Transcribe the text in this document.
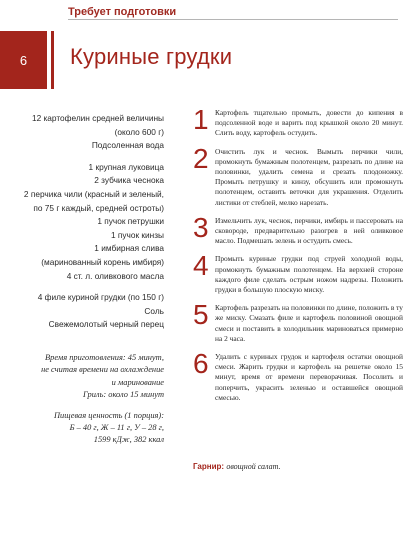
Требует подготовки
6 Куриные грудки
12 картофелин средней величины
(около 600 г)
Подсоленная вода
1 крупная луковица
2 зубчика чеснока
2 перчика чили (красный и зеленый,
по 75 г каждый, средней остроты)
1 пучок петрушки
1 пучок кинзы
1 имбирная слива
(маринованный корень имбиря)
4 ст. л. оливкового масла
4 филе куриной грудки (по 150 г)
Соль
Свежемолотый черный перец
Время приготовления: 45 минут,
не считая времени на охлаждение
и маринование
Гриль: около 15 минут
Пищевая ценность (1 порция):
Б – 40 г, Ж – 11 г, У – 28 г,
1599 кДж, 382 ккал
1 Картофель тщательно промыть, довести до кипения в подсоленной воде и варить под крышкой около 20 минут. Слить воду, картофель остудить.
2 Очистить лук и чеснок. Вымыть перчики чили, промокнуть бумажным полотенцем, разрезать по длине на половинки, удалить семена и срезать плодоножку. Промыть петрушку и кинзу, обсушить или промокнуть полотенцем, оставить веточки для украшения. Отделить листики от стеблей, мелко нарезать.
3 Измельчить лук, чеснок, перчики, имбирь и пассеровать на сковороде, предварительно разогрев в ней оливковое масло. Подмешать зелень и остудить смесь.
4 Промыть куриные грудки под струей холодной воды, промокнуть бумажным полотенцем. На верхней стороне каждого филе сделать острым ножом надрезы. Положить грудки в большую плоскую миску.
5 Картофель разрезать на половинки по длине, положить в ту же миску. Смазать филе и картофель половиной овощной смеси и поставить в холодильник мариноваться примерно на 2 часа.
6 Удалить с куриных грудок и картофеля остатки овощной смеси. Жарить грудки и картофель на решетке около 15 минут, время от времени переворачивая. Посолить и поперчить, украсить зеленью и оставшейся овощной смесью.
Гарнир: овощной салат.
